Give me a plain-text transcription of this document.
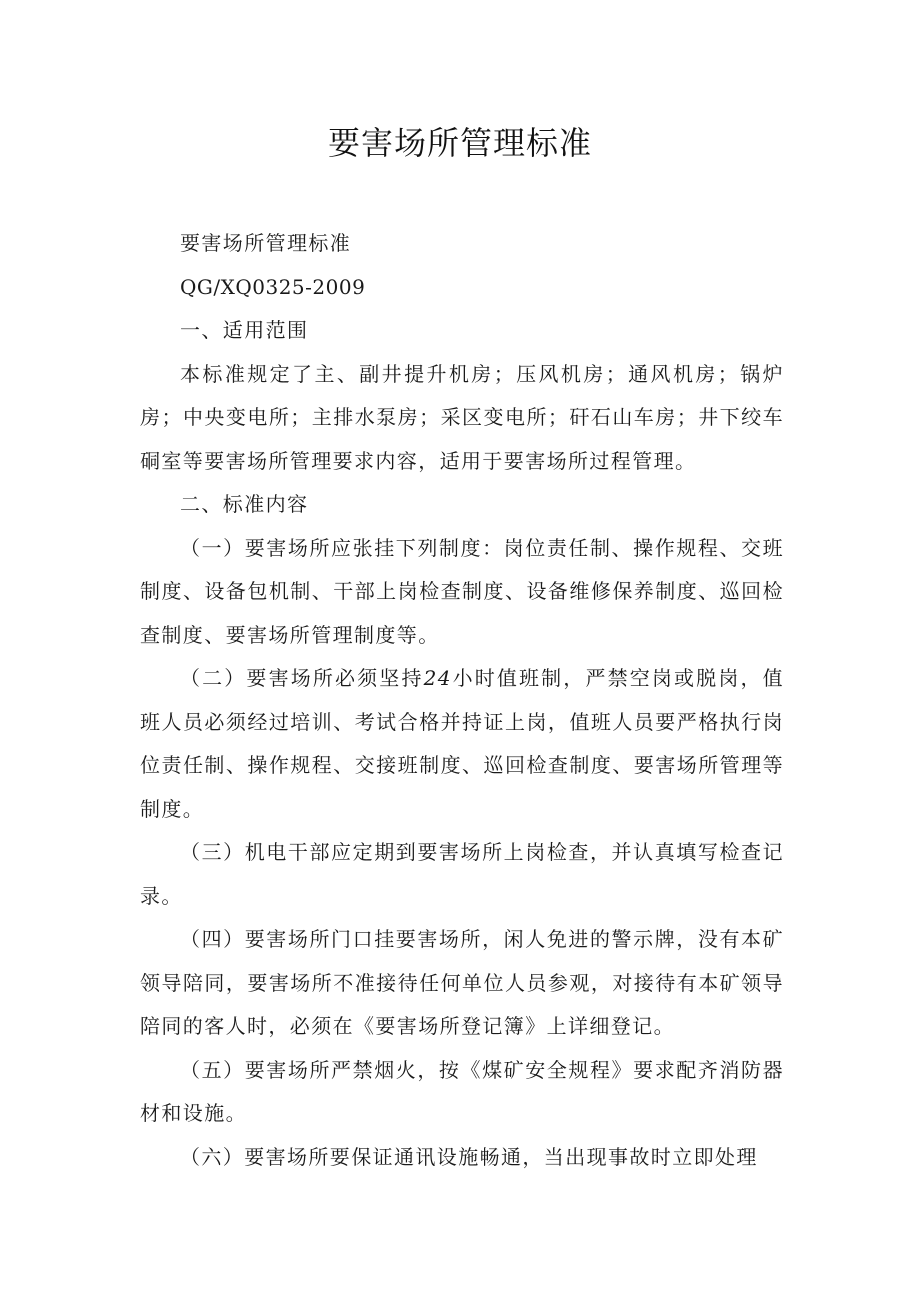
要害场所管理标准

要害场所管理标准

QG/XQ0325-2009

一、适用范围

本标准规定了主、副井提升机房；压风机房；通风机房；锅炉房；中央变电所；主排水泵房；采区变电所；矸石山车房；井下绞车硐室等要害场所管理要求内容，适用于要害场所过程管理。

二、标准内容

（一）要害场所应张挂下列制度：岗位责任制、操作规程、交班制度、设备包机制、干部上岗检查制度、设备维修保养制度、巡回检查制度、要害场所管理制度等。

（二）要害场所必须坚持24小时值班制，严禁空岗或脱岗，值班人员必须经过培训、考试合格并持证上岗，值班人员要严格执行岗位责任制、操作规程、交接班制度、巡回检查制度、要害场所管理等制度。

（三）机电干部应定期到要害场所上岗检查，并认真填写检查记录。

（四）要害场所门口挂要害场所，闲人免进的警示牌，没有本矿领导陪同，要害场所不准接待任何单位人员参观，对接待有本矿领导陪同的客人时，必须在《要害场所登记簿》上详细登记。

（五）要害场所严禁烟火，按《煤矿安全规程》要求配齐消防器材和设施。

（六）要害场所要保证通讯设施畅通，当出现事故时立即处理
